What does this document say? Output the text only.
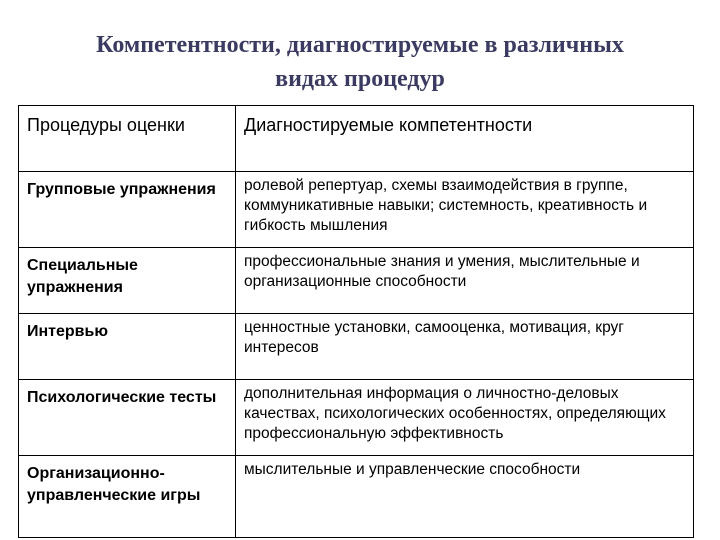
Компетентности, диагностируемые в различных
видах процедур
Процедуры оценки	Диагностируемые компетентности
Групповые упражнения	ролевой репертуар, схемы взаимодействия в группе, коммуникативные навыки; системность, креативность и гибкость мышления
Специальные упражнения	профессиональные знания и умения, мыслительные и организационные способности
Интервью	ценностные установки, самооценка, мотивация, круг интересов
Психологические тесты	дополнительная информация о личностно-деловых качествах, психологических особенностях, определяющих профессиональную эффективность
Организационно-управленческие игры	мыслительные и управленческие способности
